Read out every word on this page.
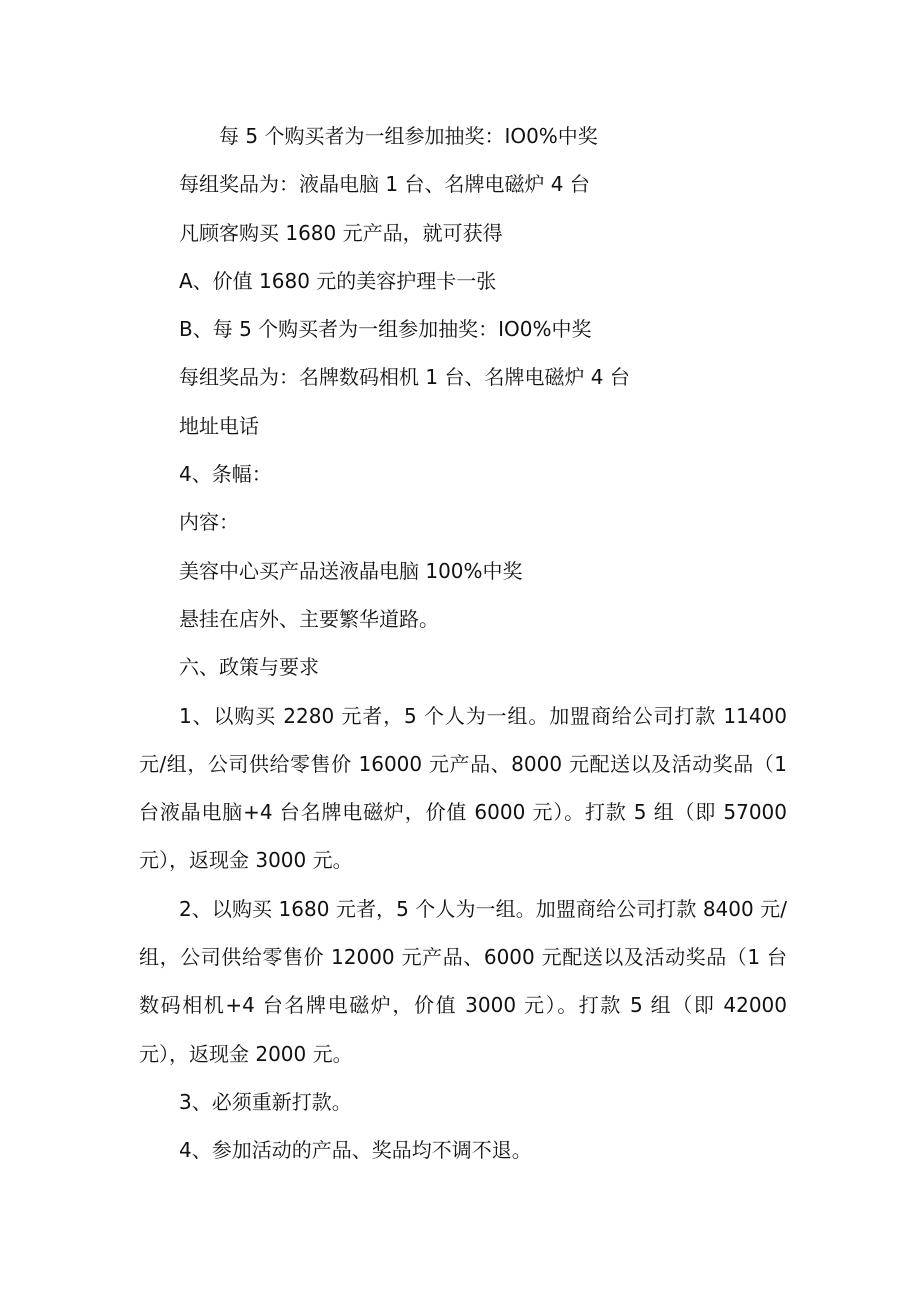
每 5 个购买者为一组参加抽奖：IO0%中奖
每组奖品为：液晶电脑 1 台、名牌电磁炉 4 台
凡顾客购买 1680 元产品，就可获得
A、价值 1680 元的美容护理卡一张
B、每 5 个购买者为一组参加抽奖：IO0%中奖
每组奖品为：名牌数码相机 1 台、名牌电磁炉 4 台
地址电话
4、条幅：
内容：
美容中心买产品送液晶电脑 100%中奖
悬挂在店外、主要繁华道路。
六、政策与要求
1、以购买 2280 元者，5 个人为一组。加盟商给公司打款 11400 元/组，公司供给零售价 16000 元产品、8000 元配送以及活动奖品（1 台液晶电脑+4 台名牌电磁炉，价值 6000 元）。打款 5 组（即 57000 元），返现金 3000 元。
2、以购买 1680 元者，5 个人为一组。加盟商给公司打款 8400 元/组，公司供给零售价 12000 元产品、6000 元配送以及活动奖品（1 台数码相机+4 台名牌电磁炉，价值 3000 元）。打款 5 组（即 42000 元），返现金 2000 元。
3、必须重新打款。
4、参加活动的产品、奖品均不调不退。
